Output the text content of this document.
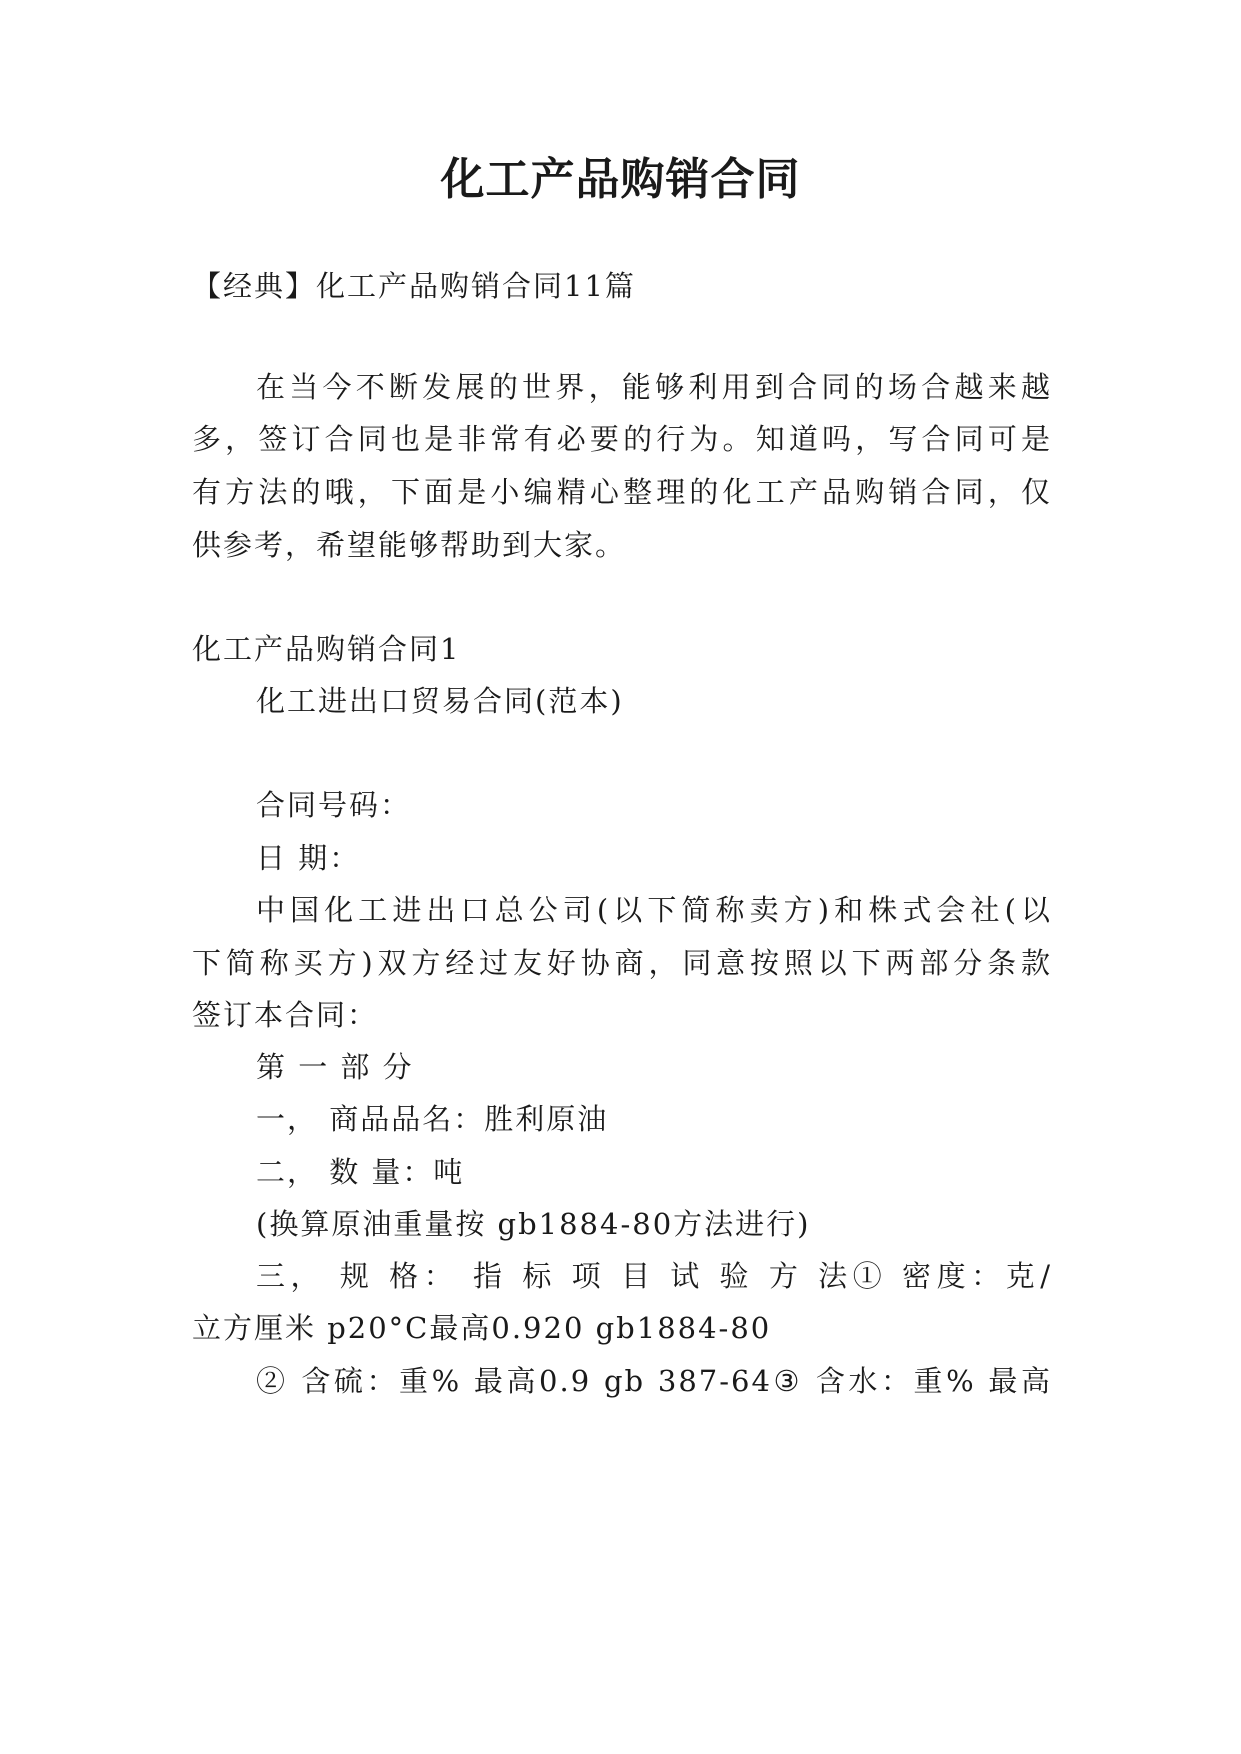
化工产品购销合同
【经典】化工产品购销合同11篇
在当今不断发展的世界，能够利用到合同的场合越来越
多，签订合同也是非常有必要的行为。知道吗，写合同可是
有方法的哦，下面是小编精心整理的化工产品购销合同，仅
供参考，希望能够帮助到大家。
化工产品购销合同1
化工进出口贸易合同(范本)
合同号码：
日 期：
中国化工进出口总公司(以下简称卖方)和株式会社(以
下简称买方)双方经过友好协商，同意按照以下两部分条款
签订本合同：
第 一 部 分
一， 商品品名：胜利原油
二， 数 量：吨
(换算原油重量按 gb1884-80方法进行)
三， 规 格： 指 标 项 目 试 验 方 法① 密度：克/
立方厘米 p20°C最高0.920 gb1884-80
② 含硫：重% 最高0.9 gb 387-64③ 含水：重% 最高
